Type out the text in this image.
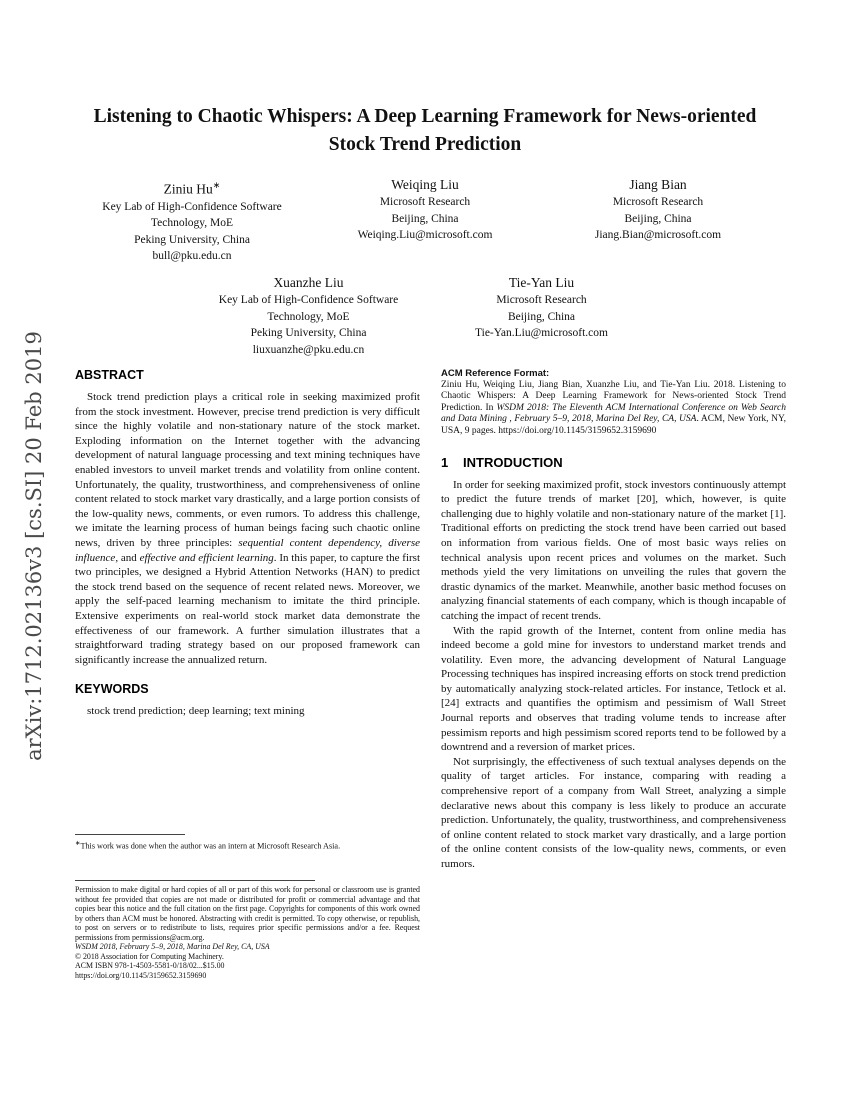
arXiv:1712.02136v3 [cs.SI] 20 Feb 2019
Listening to Chaotic Whispers: A Deep Learning Framework for News-oriented Stock Trend Prediction
Ziniu Hu∗
Key Lab of High-Confidence Software
Technology, MoE
Peking University, China
bull@pku.edu.cn
Weiqing Liu
Microsoft Research
Beijing, China
Weiqing.Liu@microsoft.com
Jiang Bian
Microsoft Research
Beijing, China
Jiang.Bian@microsoft.com
Xuanzhe Liu
Key Lab of High-Confidence Software
Technology, MoE
Peking University, China
liuxuanzhe@pku.edu.cn
Tie-Yan Liu
Microsoft Research
Beijing, China
Tie-Yan.Liu@microsoft.com
ABSTRACT

Stock trend prediction plays a critical role in seeking maximized profit from the stock investment. However, precise trend prediction is very difficult since the highly volatile and non-stationary nature of the stock market. Exploding information on the Internet together with the advancing development of natural language processing and text mining techniques have enabled investors to unveil market trends and volatility from online content. Unfortunately, the quality, trustworthiness, and comprehensiveness of online content related to stock market vary drastically, and a large portion consists of the low-quality news, comments, or even rumors. To address this challenge, we imitate the learning process of human beings facing such chaotic online news, driven by three principles: sequential content dependency, diverse influence, and effective and efficient learning. In this paper, to capture the first two principles, we designed a Hybrid Attention Networks (HAN) to predict the stock trend based on the sequence of recent related news. Moreover, we apply the self-paced learning mechanism to imitate the third principle. Extensive experiments on real-world stock market data demonstrate the effectiveness of our framework. A further simulation illustrates that a straightforward trading strategy based on our proposed framework can significantly increase the annualized return.

KEYWORDS

stock trend prediction; deep learning; text mining

ACM Reference Format:

Ziniu Hu, Weiqing Liu, Jiang Bian, Xuanzhe Liu, and Tie-Yan Liu. 2018. Listening to Chaotic Whispers: A Deep Learning Framework for News-oriented Stock Trend Prediction. In WSDM 2018: The Eleventh ACM International Conference on Web Search and Data Mining , February 5–9, 2018, Marina Del Rey, CA, USA. ACM, New York, NY, USA, 9 pages. https://doi.org/10.1145/3159652.3159690

1 INTRODUCTION

In order for seeking maximized profit, stock investors continuously attempt to predict the future trends of market [20], which, however, is quite challenging due to highly volatile and non-stationary nature of the market [1]. Traditional efforts on predicting the stock trend have been carried out based on information from various fields. One of most basic ways relies on technical analysis upon recent prices and volumes on the market. Such methods yield the very limitations on unveiling the rules that govern the drastic dynamics of the market. Meanwhile, another basic method focuses on analyzing financial statements of each company, which is though incapable of catching the impact of recent trends.

With the rapid growth of the Internet, content from online media has indeed become a gold mine for investors to understand market trends and volatility. Even more, the advancing development of Natural Language Processing techniques has inspired increasing efforts on stock trend prediction by automatically analyzing stock-related articles. For instance, Tetlock et al. [24] extracts and quantifies the optimism and pessimism of Wall Street Journal reports and observes that trading volume tends to increase after pessimism reports and high pessimism scored reports tend to be followed by a downtrend and a reversion of market prices.

Not surprisingly, the effectiveness of such textual analyses depends on the quality of target articles. For instance, comparing with reading a comprehensive report of a company from Wall Street, analyzing a simple declarative news about this company is less likely to produce an accurate prediction. Unfortunately, the quality, trustworthiness, and comprehensiveness of online content related to stock market vary drastically, and a large portion of the online content consists of the low-quality news, comments, or even rumors.

∗This work was done when the author was an intern at Microsoft Research Asia.

Permission to make digital or hard copies of all or part of this work for personal or classroom use is granted without fee provided that copies are not made or distributed for profit or commercial advantage and that copies bear this notice and the full citation on the first page. Copyrights for components of this work owned by others than ACM must be honored. Abstracting with credit is permitted. To copy otherwise, or republish, to post on servers or to redistribute to lists, requires prior specific permissions and/or a fee. Request permissions from permissions@acm.org.

WSDM 2018, February 5–9, 2018, Marina Del Rey, CA, USA

© 2018 Association for Computing Machinery.

ACM ISBN 978-1-4503-5581-0/18/02...$15.00

https://doi.org/10.1145/3159652.3159690
